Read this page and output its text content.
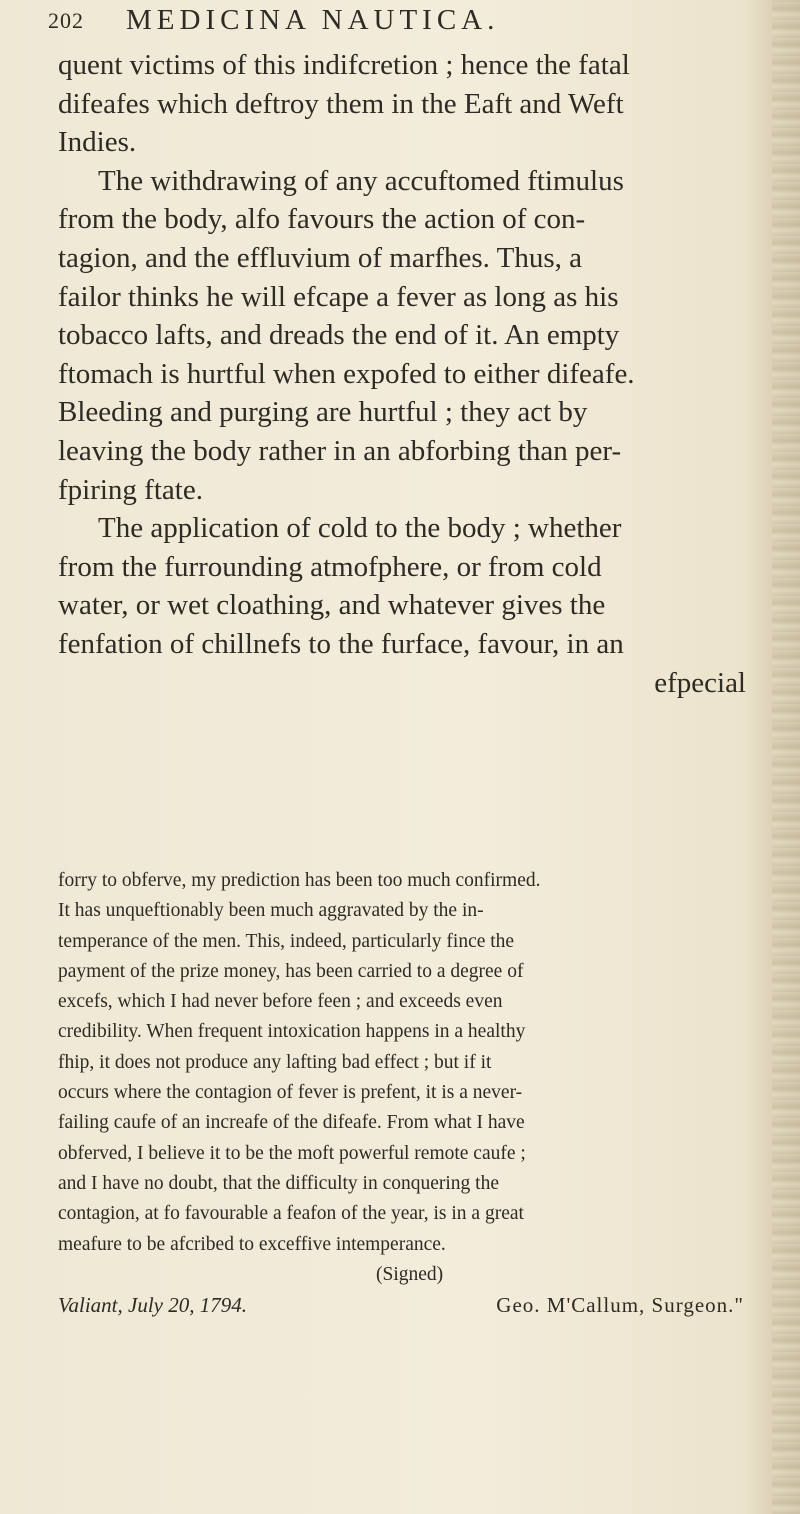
202 MEDICINA NAUTICA.
quent victims of this indifcretion ; hence the fatal
difeafes which deftroy them in the Eaft and Weft
Indies.
The withdrawing of any accuftomed ftimulus
from the body, alfo favours the action of con-
tagion, and the effluvium of marfhes. Thus, a
failor thinks he will efcape a fever as long as his
tobacco lafts, and dreads the end of it. An empty
ftomach is hurtful when expofed to either difeafe.
Bleeding and purging are hurtful ; they act by
leaving the body rather in an abforbing than per-
fpiring ftate.
The application of cold to the body ; whether
from the furrounding atmofphere, or from cold
water, or wet cloathing, and whatever gives the
fenfation of chillnefs to the furface, favour, in an
efpecial
forry to obferve, my prediction has been too much confirmed.
It has unqueftionably been much aggravated by the in-
temperance of the men. This, indeed, particularly fince the
payment of the prize money, has been carried to a degree of
excefs, which I had never before feen ; and exceeds even
credibility. When frequent intoxication happens in a healthy
fhip, it does not produce any lafting bad effect ; but if it
occurs where the contagion of fever is prefent, it is a never-
failing caufe of an increafe of the difeafe. From what I have
obferved, I believe it to be the moft powerful remote caufe ;
and I have no doubt, that the difficulty in conquering the
contagion, at fo favourable a feafon of the year, is in a great
meafure to be afcribed to exceffive intemperance.
(Signed)
Valiant, July 20, 1794.	Geo. M'Callum, Surgeon."
